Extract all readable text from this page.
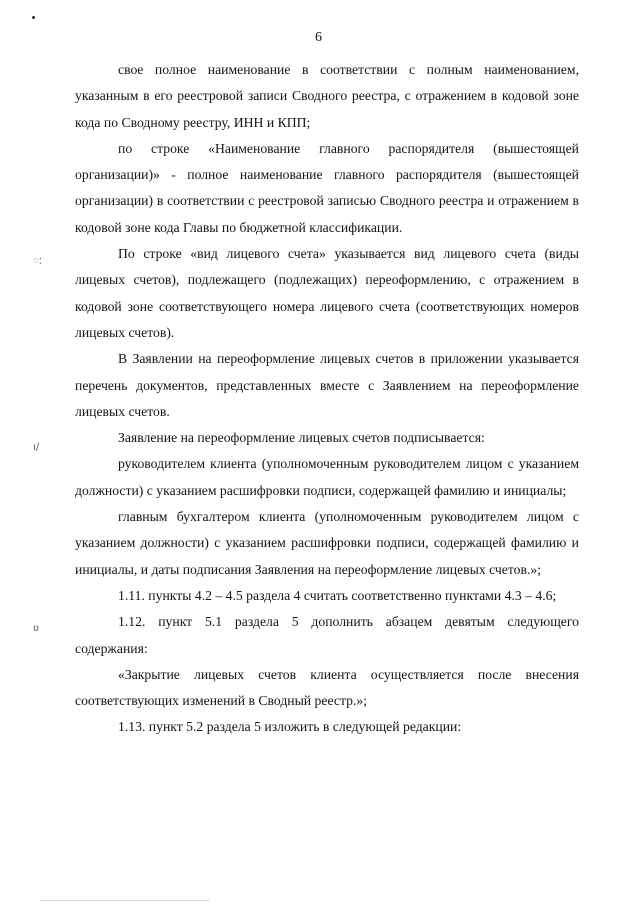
6
ៈ
ı/
ʋ

своe полное наименование в соответствии с полным наименованием, указанным в его реестровой записи Сводного реестра, с отражением в кодовой зоне кода по Сводному реестру, ИНН и КПП;

по строке «Наименование главного распорядителя (вышестоящей организации)» - полное наименование главного распорядителя (вышестоящей организации) в соответствии с реестровой записью Сводного реестра и отражением в кодовой зоне кода Главы по бюджетной классификации.

По строке «вид лицевого счета» указывается вид лицевого счета (виды лицевых счетов), подлежащего (подлежащих) переоформлению, с отражением в кодовой зоне соответствующего номера лицевого счета (соответствующих номеров лицевых счетов).

В Заявлении на переоформление лицевых счетов в приложении указывается перечень документов, представленных вместе с Заявлением на переоформление лицевых счетов.

Заявление на переоформление лицевых счетов подписывается:

руководителем клиента (уполномоченным руководителем лицом с указанием должности) с указанием расшифровки подписи, содержащей фамилию и инициалы;

главным бухгалтером клиента (уполномоченным руководителем лицом с указанием должности) с указанием расшифровки подписи, содержащей фамилию и инициалы, и даты подписания Заявления на переоформление лицевых счетов.»;

1.11. пункты 4.2 – 4.5 раздела 4 считать соответственно пунктами 4.3 – 4.6;

1.12. пункт 5.1 раздела 5 дополнить абзацем девятым следующего содержания:

«Закрытие лицевых счетов клиента осуществляется после внесения соответствующих изменений в Сводный реестр.»;

1.13. пункт 5.2 раздела 5 изложить в следующей редакции:
